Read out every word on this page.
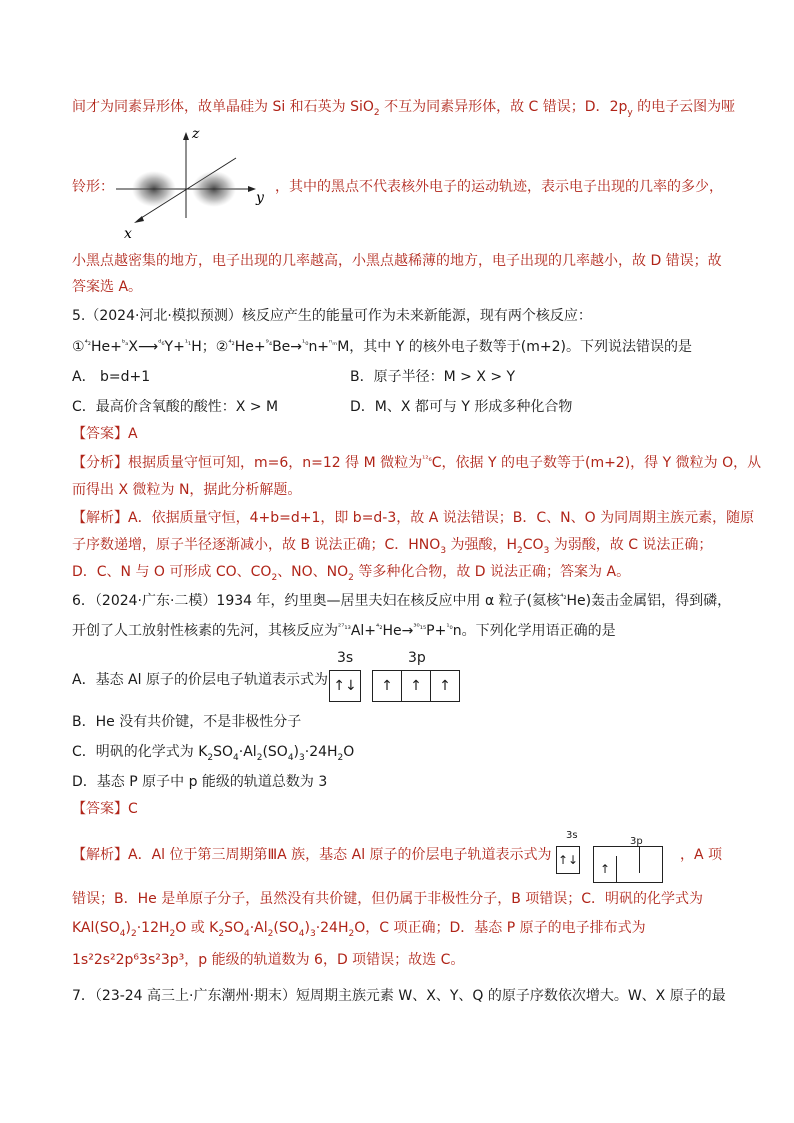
间才为同素异形体，故单晶硅为 Si 和石英为 SiO$_2$ 不互为同素异形体，故 C 错误；D．$2p_y$ 的电子云图为哑
铃形：
z
y
x
，其中的黑点不代表核外电子的运动轨迹，表示电子出现的几率的多少，
小黑点越密集的地方，电子出现的几率越高，小黑点越稀薄的地方，电子出现的几率越小，故 D 错误；故
答案选 A。
5.（2024·河北·模拟预测）核反应产生的能量可作为未来新能源，现有两个核反应：
①$^{^4_2}$He+$^{ᵇ_a}$X⟶$^{ᵈ_6}$Y+$^{^1_1}$H；②$^{^4_2}$He+$^{^9_4}$Be→$^{^1_0}$n+$^{^n_m}$M，其中 Y 的核外电子数等于(m+2)。下列说法错误的是
A． b=d+1	B．原子半径：M > X > Y
C．最高价含氧酸的酸性：X > M	D．M、X 都可与 Y 形成多种化合物
【答案】A
【分析】根据质量守恒可知，m=6，n=12 得 M 微粒为$^{^{12}_6}$C，依据 Y 的电子数等于(m+2)，得 Y 微粒为 O，从
而得出 X 微粒为 N，据此分析解题。
【解析】A．依据质量守恒，4+b=d+1，即 b=d-3，故 A 说法错误；B．C、N、O 为同周期主族元素，随原
子序数递增，原子半径逐渐减小，故 B 说法正确；C．$HNO_3$ 为强酸，$H_2CO_3$ 为弱酸，故 C 说法正确；
D．C、N 与 O 可形成 CO、$CO_2$、NO、$NO_2$ 等多种化合物，故 D 说法正确；答案为 A。
6．（2024·广东·二模）1934 年，约里奥—居里夫妇在核反应中用 α 粒子(氦核$^{^4_2}$He)轰击金属铝，得到磷，
开创了人工放射性核素的先河，其核反应为$^{^{27}_{13}}$Al+$^{^4_2}$He→$^{^{30}_{15}}$P+$^{^1_0}$n。下列化学用语正确的是
A．基态 Al 原子的价层电子轨道表示式为
3s	3p
↑↓	↑ ↑ ↑
B．He 没有共价键，不是非极性分子
C．明矾的化学式为 $K_2SO_4\cdot Al_2(SO_4)_3\cdot 24H_2O$
D．基态 P 原子中 p 能级的轨道总数为 3
【答案】C
【解析】A．Al 位于第三周期第ⅢA 族，基态 Al 原子的价层电子轨道表示式为
3s
3p
↑↓
↑
，A 项
错误；B．He 是单原子分子，虽然没有共价键，但仍属于非极性分子，B 项错误；C．明矾的化学式为
$KAl(SO_4)_2\cdot 12H_2O$ 或 $K_2SO_4\cdot Al_2(SO_4)_3\cdot 24H_2O$，C 项正确；D．基态 P 原子的电子排布式为
1s²2s²2p⁶3s²3p³，p 能级的轨道数为 6，D 项错误；故选 C。
7．（23-24 高三上·广东潮州·期末）短周期主族元素 W、X、Y、Q 的原子序数依次增大。W、X 原子的最
